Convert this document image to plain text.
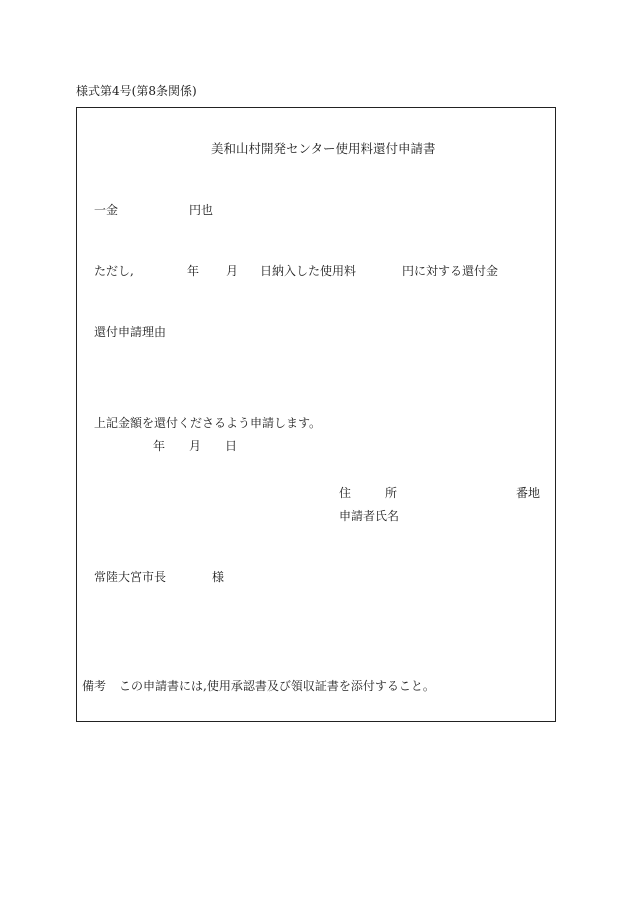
様式第4号(第8条関係)
美和山村開発センター使用料還付申請書
一金	円也
ただし,	年 月 日納入した使用料	円に対する還付金
還付申請理由
上記金額を還付くださるよう申請します。
年 月 日
住	所	番地
申請者氏名
常陸大宮市長	様
備考 この申請書には,使用承認書及び領収証書を添付すること。
